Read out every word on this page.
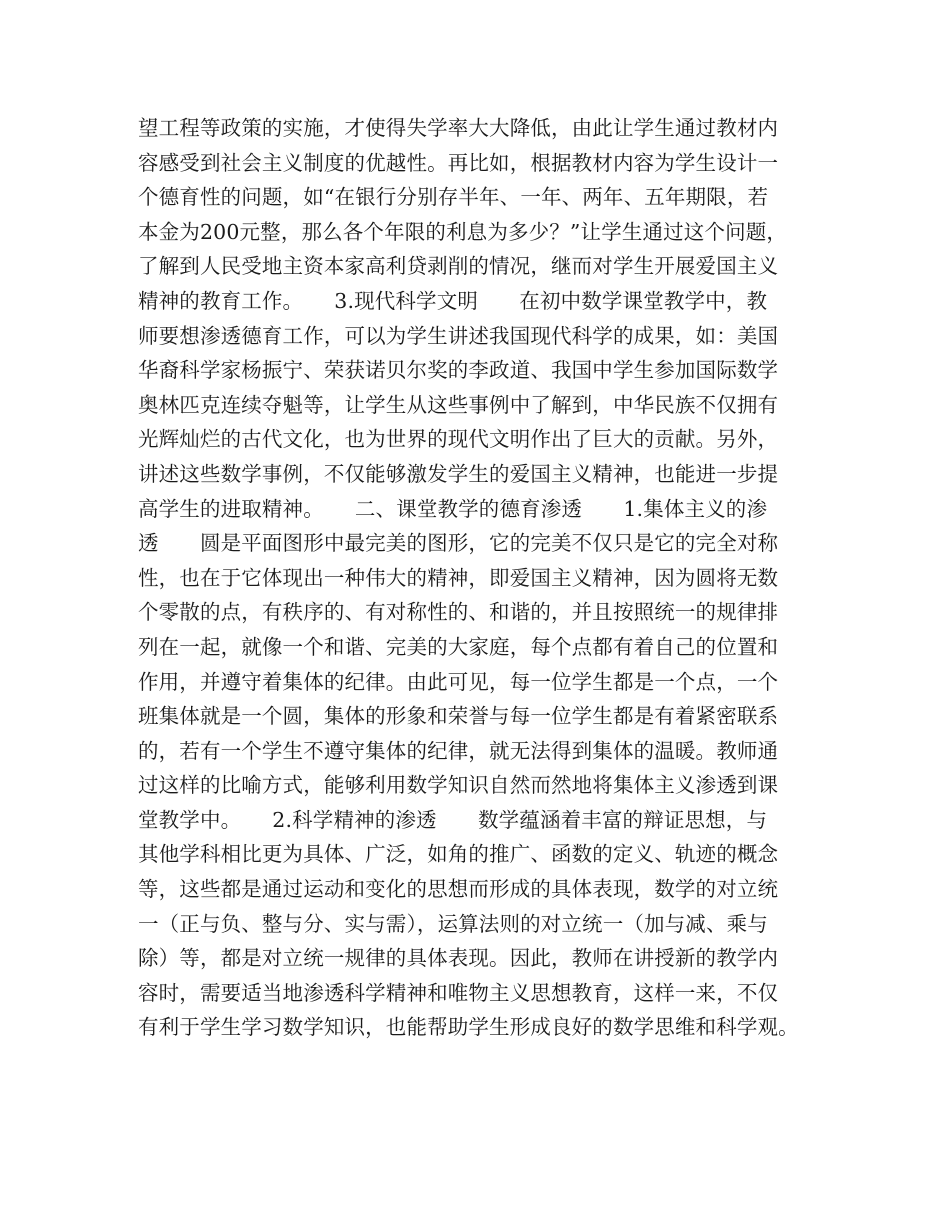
望工程等政策的实施，才使得失学率大大降低，由此让学生通过教材内
容感受到社会主义制度的优越性。再比如，根据教材内容为学生设计一
个德育性的问题，如“在银行分别存半年、一年、两年、五年期限，若
本金为200元整，那么各个年限的利息为多少？”让学生通过这个问题，
了解到人民受地主资本家高利贷剥削的情况，继而对学生开展爱国主义
精神的教育工作。　　3.现代科学文明　　在初中数学课堂教学中，教
师要想渗透德育工作，可以为学生讲述我国现代科学的成果，如：美国
华裔科学家杨振宁、荣获诺贝尔奖的李政道、我国中学生参加国际数学
奥林匹克连续夺魁等，让学生从这些事例中了解到，中华民族不仅拥有
光辉灿烂的古代文化，也为世界的现代文明作出了巨大的贡献。另外，
讲述这些数学事例，不仅能够激发学生的爱国主义精神，也能进一步提
高学生的进取精神。　　二、课堂教学的德育渗透　　1.集体主义的渗
透　　圆是平面图形中最完美的图形，它的完美不仅只是它的完全对称
性，也在于它体现出一种伟大的精神，即爱国主义精神，因为圆将无数
个零散的点，有秩序的、有对称性的、和谐的，并且按照统一的规律排
列在一起，就像一个和谐、完美的大家庭，每个点都有着自己的位置和
作用，并遵守着集体的纪律。由此可见，每一位学生都是一个点，一个
班集体就是一个圆，集体的形象和荣誉与每一位学生都是有着紧密联系
的，若有一个学生不遵守集体的纪律，就无法得到集体的温暖。教师通
过这样的比喻方式，能够利用数学知识自然而然地将集体主义渗透到课
堂教学中。　　2.科学精神的渗透　　数学蕴涵着丰富的辩证思想，与
其他学科相比更为具体、广泛，如角的推广、函数的定义、轨迹的概念
等，这些都是通过运动和变化的思想而形成的具体表现，数学的对立统
一（正与负、整与分、实与需），运算法则的对立统一（加与减、乘与
除）等，都是对立统一规律的具体表现。因此，教师在讲授新的教学内
容时，需要适当地渗透科学精神和唯物主义思想教育，这样一来，不仅
有利于学生学习数学知识，也能帮助学生形成良好的数学思维和科学观。
